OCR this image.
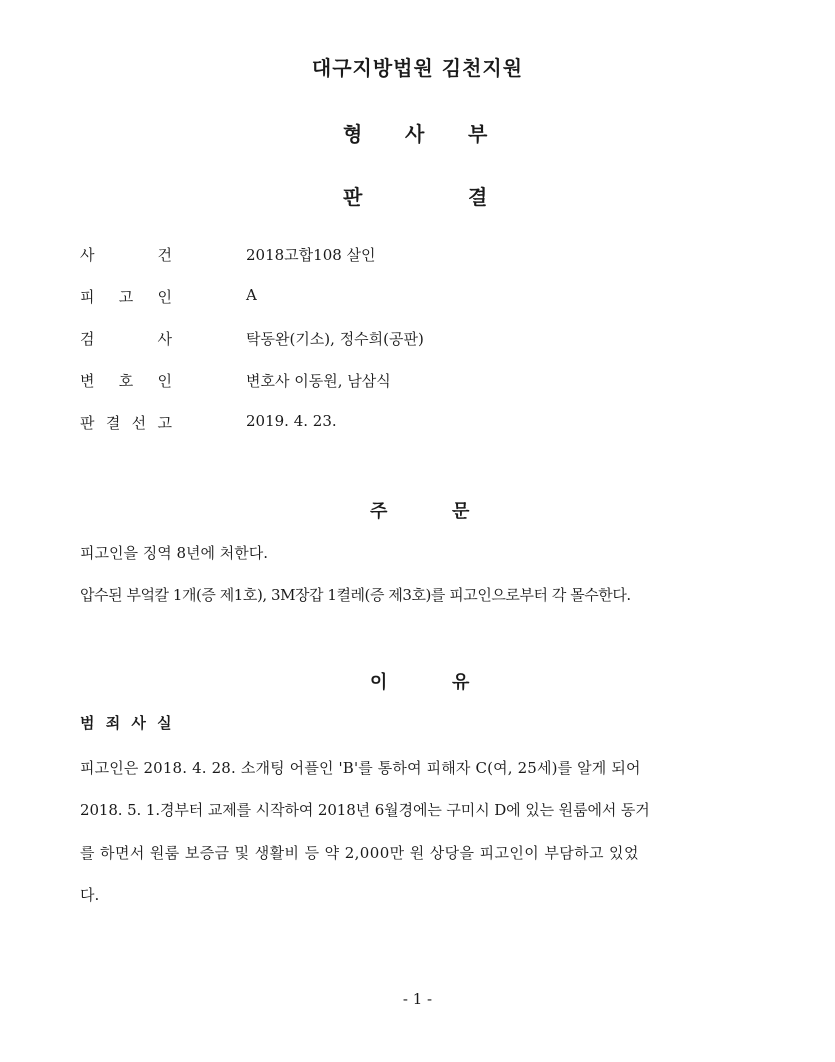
대구지방법원 김천지원
형 사 부
판	결
사	건	2018고합108 살인
피 고 인	A
검	사	탁동완(기소), 정수희(공판)
변 호 인	변호사 이동원, 남삼식
판 결 선 고	2019. 4. 23.
주	문
피고인을 징역 8년에 처한다.
압수된 부엌칼 1개(증 제1호), 3M장갑 1켤레(증 제3호)를 피고인으로부터 각 몰수한다.
이	유
범 죄 사 실
피고인은 2018. 4. 28. 소개팅 어플인 'B'를 통하여 피해자 C(여, 25세)를 알게 되어
2018. 5. 1.경부터 교제를 시작하여 2018년 6월경에는 구미시 D에 있는 원룸에서 동거
를 하면서 원룸 보증금 및 생활비 등 약 2,000만 원 상당을 피고인이 부담하고 있었
다.
- 1 -
